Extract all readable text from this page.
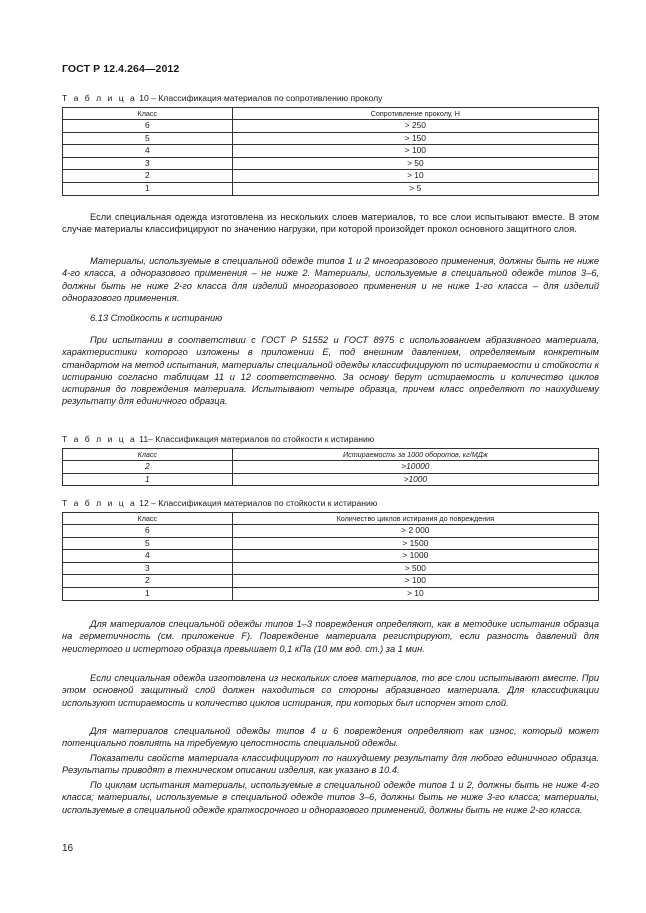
ГОСТ Р 12.4.264—2012
Т а б л и ц а 10 – Классификация материалов по сопротивлению проколу
Класс	Сопротивление проколу, Н
6	> 250
5	> 150
4	> 100
3	> 50
2	> 10
1	> 5

Если специальная одежда изготовлена из нескольких слоев материалов, то все слои испытывают вместе. В этом случае материалы классифицируют по значению нагрузки, при которой произойдет прокол основного защитного слоя.

Материалы, используемые в специальной одежде типов 1 и 2 многоразового применения, должны быть не ниже 4-го класса, а одноразового применения – не ниже 2. Материалы, используемые в специальной одежде типов 3–6, должны быть не ниже 2-го класса для изделий многоразового применения и не ниже 1-го класса – для изделий одноразового применения.

6.13 Стойкость к истиранию

При испытании в соответствии с ГОСТ Р 51552 и ГОСТ 8975 с использованием абразивного материала, характеристики которого изложены в приложении Е, под внешним давлением, определяемым конкретным стандартом на метод испытания, материалы специальной одежды классифицируют по истираемости и стойкости к истиранию согласно таблицам 11 и 12 соответственно. За основу берут истираемость и количество циклов истирания до повреждения материала. Испытывают четыре образца, причем класс определяют по наихудшему результату для единичного образца.

Т а б л и ц а 11– Классификация материалов по стойкости к истиранию
Класс	Истираемость за 1000 оборотов, кг/МДж
2	>10000
1	>1000
Т а б л и ц а 12 – Классификация материалов по стойкости к истиранию
Класс	Количество циклов истирания до повреждения
6	> 2 000
5	> 1500
4	> 1000
3	> 500
2	> 100
1	> 10

Для материалов специальной одежды типов 1–3 повреждения определяют, как в методике испытания образца на герметичность (см. приложение F). Повреждение материала регистрируют, если разность давлений для неистертого и истертого образца превышает 0,1 кПа (10 мм вод. ст.) за 1 мин.

Если специальная одежда изготовлена из нескольких слоев материалов, то все слои испытывают вместе. При этом основной защитный слой должен находиться со стороны абразивного материала. Для классификации используют истираемость и количество циклов истирания, при которых был испорчен этот слой.

Для материалов специальной одежды типов 4 и 6 повреждения определяют как износ, который может потенциально повлиять на требуемую целостность специальной одежды.

Показатели свойств материала классифицируют по наихудшему результату для любого единичного образца. Результаты приводят в техническом описании изделия, как указано в 10.4.

По циклам испытания материалы, используемые в специальной одежде типов 1 и 2, должны быть не ниже 4-го класса; материалы, используемые в специальной одежде типов 3–6, должны быть не ниже 3-го класса; материалы, используемые в специальной одежде краткосрочного и одноразового применений, должны быть не ниже 2-го класса.

16
